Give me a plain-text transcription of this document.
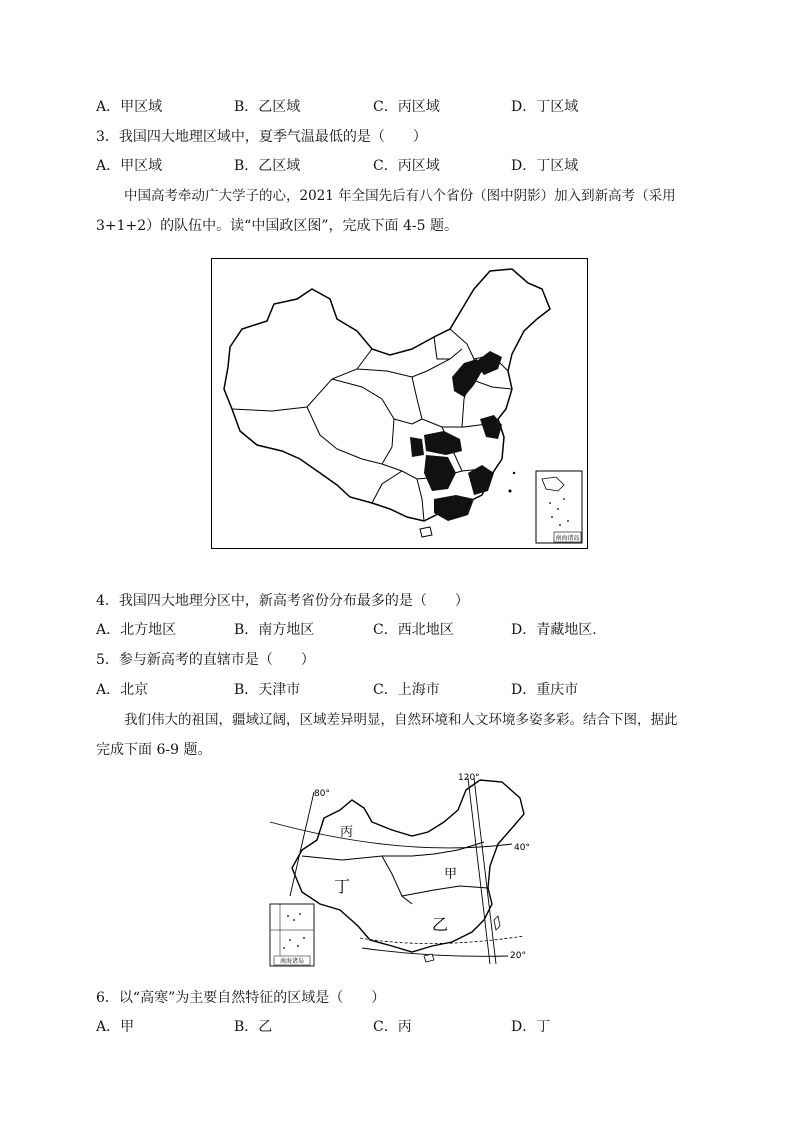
A．甲区域	B．乙区域	C．丙区域	D．丁区域
3．我国四大地理区域中，夏季气温最低的是（　　）
A．甲区域	B．乙区域	C．丙区域	D．丁区域
中国高考牵动广大学子的心，2021 年全国先后有八个省份（图中阴影）加入到新高考（采用
3+1+2）的队伍中。读“中国政区图”，完成下面 4-5 题。
南海诸岛
4．我国四大地理分区中，新高考省份分布最多的是（　　）
A．北方地区	B．南方地区	C．西北地区	D．青藏地区.
5．参与新高考的直辖市是（　　）
A．北京	B．天津市	C．上海市	D．重庆市
我们伟大的祖国，疆域辽阔，区域差异明显，自然环境和人文环境多姿多彩。结合下图，据此
完成下面 6-9 题。
80°
120°
40°
20°
丙
甲
丁
乙
南海诸岛
6．以“高寒”为主要自然特征的区域是（　　）
A．甲	B．乙	C．丙	D．丁
